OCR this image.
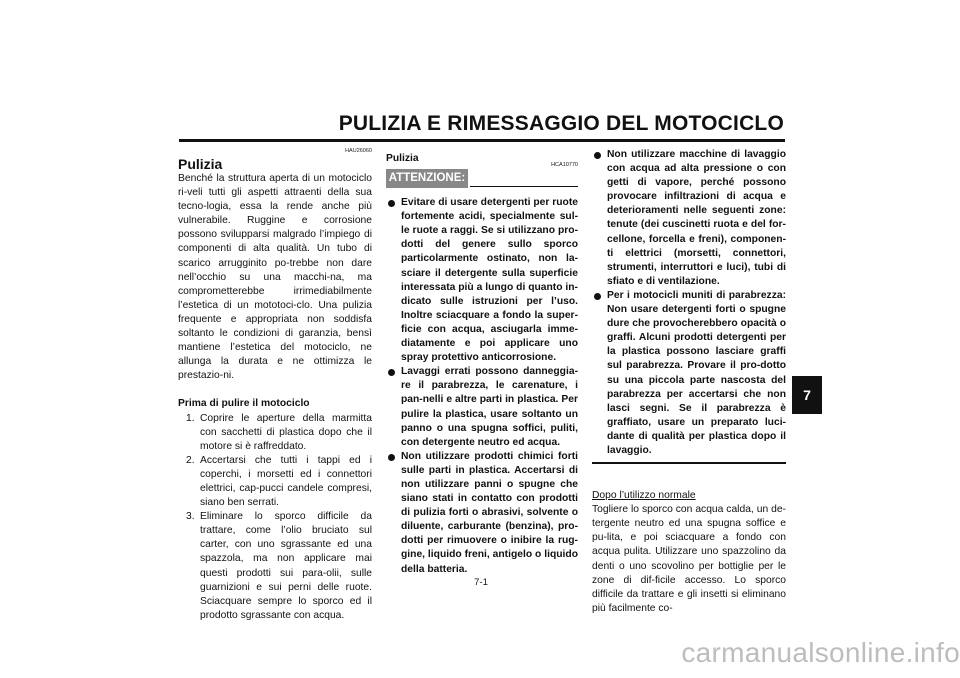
PULIZIA E RIMESSAGGIO DEL MOTOCICLO
HAU26060
Pulizia
Benché la struttura aperta di un motociclo ri-veli tutti gli aspetti attraenti della sua tecno-logia, essa la rende anche più vulnerabile. Ruggine e corrosione possono svilupparsi malgrado l’impiego di componenti di alta qualità. Un tubo di scarico arrugginito po-trebbe non dare nell’occhio su una macchi-na, ma comprometterebbe irrimediabilmente l’estetica di un mototoci-clo. Una pulizia frequente e appropriata non soddisfa soltanto le condizioni di garanzia, bensì mantiene l’estetica del motociclo, ne allunga la durata e ne ottimizza le prestazio-ni.
Prima di pulire il motociclo
1. Coprire le aperture della marmitta con sacchetti di plastica dopo che il motore si è raffreddato.
2. Accertarsi che tutti i tappi ed i coperchi, i morsetti ed i connettori elettrici, cap-pucci candele compresi, siano ben serrati.
3. Eliminare lo sporco difficile da trattare, come l’olio bruciato sul carter, con uno sgrassante ed una spazzola, ma non applicare mai questi prodotti sui para-olii, sulle guarnizioni e sui perni delle ruote. Sciacquare sempre lo sporco ed il prodotto sgrassante con acqua.
Pulizia
HCA10770
ATTENZIONE:
Evitare di usare detergenti per ruote fortemente acidi, specialmente sul-le ruote a raggi. Se si utilizzano pro-dotti del genere sullo sporco particolarmente ostinato, non la-sciare il detergente sulla superficie interessata più a lungo di quanto in-dicato sulle istruzioni per l’uso. Inoltre sciacquare a fondo la super-ficie con acqua, asciugarla imme-diatamente e poi applicare uno spray protettivo anticorrosione.
Lavaggi errati possono danneggia-re il parabrezza, le carenature, i pan-nelli e altre parti in plastica. Per pulire la plastica, usare soltanto un panno o una spugna soffici, puliti, con detergente neutro ed acqua.
Non utilizzare prodotti chimici forti sulle parti in plastica. Accertarsi di non utilizzare panni o spugne che siano stati in contatto con prodotti di pulizia forti o abrasivi, solvente o diluente, carburante (benzina), pro-dotti per rimuovere o inibire la rug-gine, liquido freni, antigelo o liquido della batteria.
Non utilizzare macchine di lavaggio con acqua ad alta pressione o con getti di vapore, perché possono provocare infiltrazioni di acqua e deterioramenti nelle seguenti zone: tenute (dei cuscinetti ruota e del for-cellone, forcella e freni), componen-ti elettrici (morsetti, connettori, strumenti, interruttori e luci), tubi di sfiato e di ventilazione.
Per i motocicli muniti di parabrezza: Non usare detergenti forti o spugne dure che provocherebbero opacità o graffi. Alcuni prodotti detergenti per la plastica possono lasciare graffi sul parabrezza. Provare il pro-dotto su una piccola parte nascosta del parabrezza per accertarsi che non lasci segni. Se il parabrezza è graffiato, usare un preparato luci-dante di qualità per plastica dopo il lavaggio.
Dopo l’utilizzo normale
Togliere lo sporco con acqua calda, un de-tergente neutro ed una spugna soffice e pu-lita, e poi sciacquare a fondo con acqua pulita. Utilizzare uno spazzolino da denti o uno scovolino per bottiglie per le zone di dif-ficile accesso. Lo sporco difficile da trattare e gli insetti si eliminano più facilmente co-
7
7-1
carmanualsonline.info
